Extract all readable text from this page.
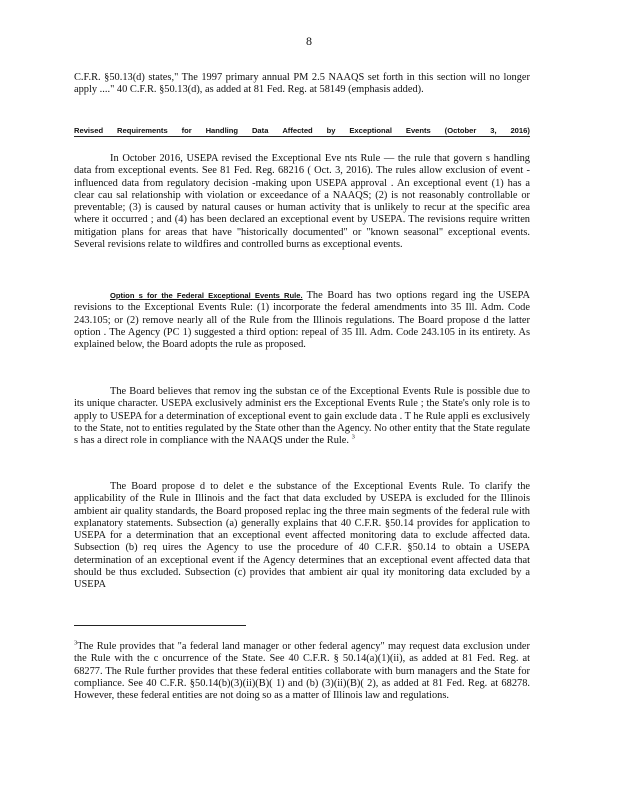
8

C.F.R. §50.13(d) states," The 1997 primary annual PM 2.5 NAAQS set forth in this section will no longer apply ...." 40 C.F.R. §50.13(d), as added at 81 Fed. Reg. at 58149 (emphasis added).

Revised Requirements for Handling Data Affected by Exceptional Events (October 3, 2016)

In October 2016, USEPA revised the Exceptional Eve nts Rule — the rule that govern s handling data from exceptional events. See 81 Fed. Reg. 68216 ( Oct. 3, 2016). The rules allow exclusion of event -influenced data from regulatory decision -making upon USEPA approval . An exceptional event (1) has a clear cau sal relationship with violation or exceedance of a NAAQS; (2) is not reasonably controllable or preventable; (3) is caused by natural causes or human activity that is unlikely to recur at the specific area where it occurred ; and (4) has been declared an exceptional event by USEPA. The revisions require written mitigation plans for areas that have "historically documented" or "known seasonal" exceptional events. Several revisions relate to wildfires and controlled burns as exceptional events.

Option s for the Federal Exceptional Events Rule. The Board has two options regard ing the USEPA revisions to the Exceptional Events Rule: (1) incorporate the federal amendments into 35 Ill. Adm. Code 243.105; or (2) remove nearly all of the Rule from the Illinois regulations. The Board propose d the latter option . The Agency (PC 1) suggested a third option: repeal of 35 Ill. Adm. Code 243.105 in its entirety. As explained below, the Board adopts the rule as proposed.

The Board believes that remov ing the substan ce of the Exceptional Events Rule is possible due to its unique character. USEPA exclusively administ ers the Exceptional Events Rule ; the State's only role is to apply to USEPA for a determination of exceptional event to gain exclude data . T he Rule appli es exclusively to the State, not to entities regulated by the State other than the Agency. No other entity that the State regulate s has a direct role in compliance with the NAAQS under the Rule. $^3$

The Board propose d to delet e the substance of the Exceptional Events Rule. To clarify the applicability of the Rule in Illinois and the fact that data excluded by USEPA is excluded for the Illinois ambient air quality standards, the Board proposed replac ing the three main segments of the federal rule with explanatory statements. Subsection (a) generally explains that 40 C.F.R. §50.14 provides for application to USEPA for a determination that an exceptional event affected monitoring data to exclude affected data. Subsection (b) req uires the Agency to use the procedure of 40 C.F.R. §50.14 to obtain a USEPA determination of an exceptional event if the Agency determines that an exceptional event affected data that should be thus excluded. Subsection (c) provides that ambient air qual ity monitoring data excluded by a USEPA

$^3$The Rule provides that "a federal land manager or other federal agency" may request data exclusion under the Rule with the c oncurrence of the State. See 40 C.F.R. § 50.14(a)(1)(ii), as added at 81 Fed. Reg. at 68277. The Rule further provides that these federal entities collaborate with burn managers and the State for compliance. See 40 C.F.R. §50.14(b)(3)(ii)(B)( 1) and (b) (3)(ii)(B)( 2), as added at 81 Fed. Reg. at 68278. However, these federal entities are not doing so as a matter of Illinois law and regulations.
